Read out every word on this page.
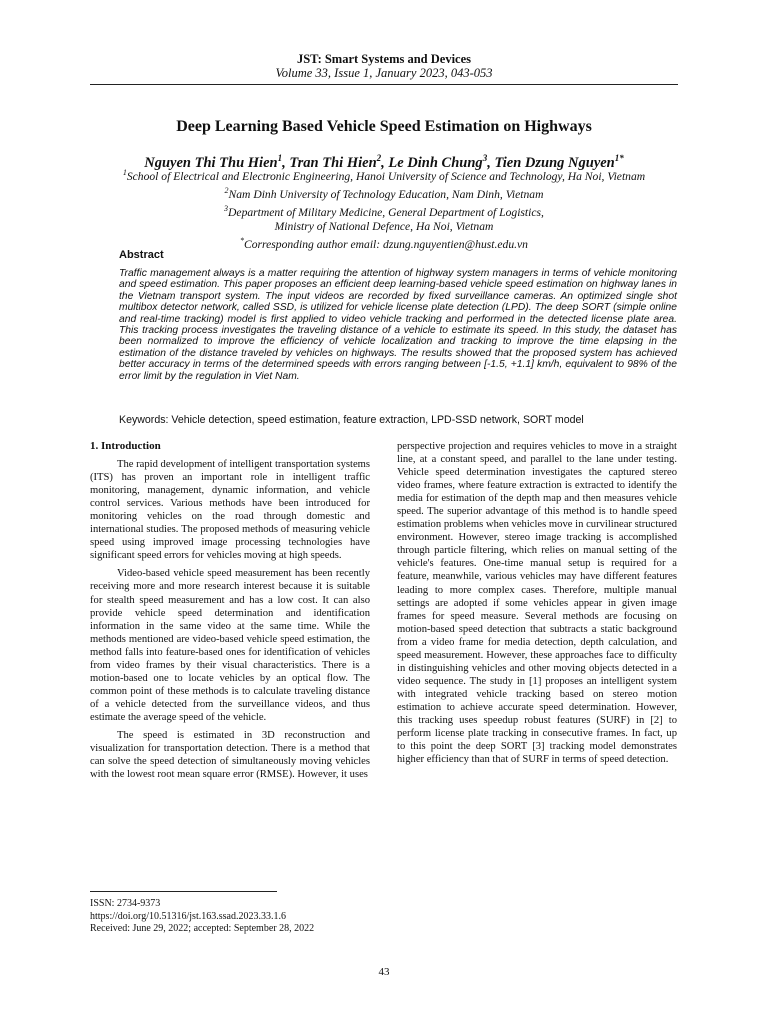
JST: Smart Systems and Devices
Volume 33, Issue 1, January 2023, 043-053
Deep Learning Based Vehicle Speed Estimation on Highways
Nguyen Thi Thu Hien$^1$, Tran Thi Hien$^2$, Le Dinh Chung$^3$, Tien Dzung Nguyen$^{1*}$
$^1$School of Electrical and Electronic Engineering, Hanoi University of Science and Technology, Ha Noi, Vietnam
$^2$Nam Dinh University of Technology Education, Nam Dinh, Vietnam
$^3$Department of Military Medicine, General Department of Logistics,
Ministry of National Defence, Ha Noi, Vietnam
*Corresponding author email: dzung.nguyentien@hust.edu.vn
Abstract
Traffic management always is a matter requiring the attention of highway system managers in terms of vehicle monitoring and speed estimation. This paper proposes an efficient deep learning-based vehicle speed estimation on highway lanes in the Vietnam transport system. The input videos are recorded by fixed surveillance cameras. An optimized single shot multibox detector network, called SSD, is utilized for vehicle license plate detection (LPD). The deep SORT (simple online and real-time tracking) model is first applied to video vehicle tracking and performed in the detected license plate area. This tracking process investigates the traveling distance of a vehicle to estimate its speed. In this study, the dataset has been normalized to improve the efficiency of vehicle localization and tracking to improve the time elapsing in the estimation of the distance traveled by vehicles on highways. The results showed that the proposed system has achieved better accuracy in terms of the determined speeds with errors ranging between [-1.5, +1.1] km/h, equivalent to 98% of the error limit by the regulation in Viet Nam.
Keywords: Vehicle detection, speed estimation, feature extraction, LPD-SSD network, SORT model
1. Introduction

The rapid development of intelligent transportation systems (ITS) has proven an important role in intelligent traffic monitoring, management, dynamic information, and vehicle control services. Various methods have been introduced for monitoring vehicles on the road through domestic and international studies. The proposed methods of measuring vehicle speed using improved image processing technologies have significant speed errors for vehicles moving at high speeds.

Video-based vehicle speed measurement has been recently receiving more and more research interest because it is suitable for stealth speed measurement and has a low cost. It can also provide vehicle speed determination and identification information in the same video at the same time. While the methods mentioned are video-based vehicle speed estimation, the method falls into feature-based ones for identification of vehicles from video frames by their visual characteristics. There is a motion-based one to locate vehicles by an optical flow. The common point of these methods is to calculate traveling distance of a vehicle detected from the surveillance videos, and thus estimate the average speed of the vehicle.

The speed is estimated in 3D reconstruction and visualization for transportation detection. There is a method that can solve the speed detection of simultaneously moving vehicles with the lowest root mean square error (RMSE). However, it uses

perspective projection and requires vehicles to move in a straight line, at a constant speed, and parallel to the lane under testing. Vehicle speed determination investigates the captured stereo video frames, where feature extraction is extracted to identify the media for estimation of the depth map and then measures vehicle speed. The superior advantage of this method is to handle speed estimation problems when vehicles move in curvilinear structured environment. However, stereo image tracking is accomplished through particle filtering, which relies on manual setting of the vehicle's features. One-time manual setup is required for a feature, meanwhile, various vehicles may have different features leading to more complex cases. Therefore, multiple manual settings are adopted if some vehicles appear in given image frames for speed measure. Several methods are focusing on motion-based speed detection that subtracts a static background from a video frame for media detection, depth calculation, and speed measurement. However, these approaches face to difficulty in distinguishing vehicles and other moving objects detected in a video sequence. The study in [1] proposes an intelligent system with integrated vehicle tracking based on stereo motion estimation to achieve accurate speed determination. However, this tracking uses speedup robust features (SURF) in [2] to perform license plate tracking in consecutive frames. In fact, up to this point the deep SORT [3] tracking model demonstrates higher efficiency than that of SURF in terms of speed detection.

ISSN: 2734-9373
https://doi.org/10.51316/jst.163.ssad.2023.33.1.6
Received: June 29, 2022; accepted: September 28, 2022
43
